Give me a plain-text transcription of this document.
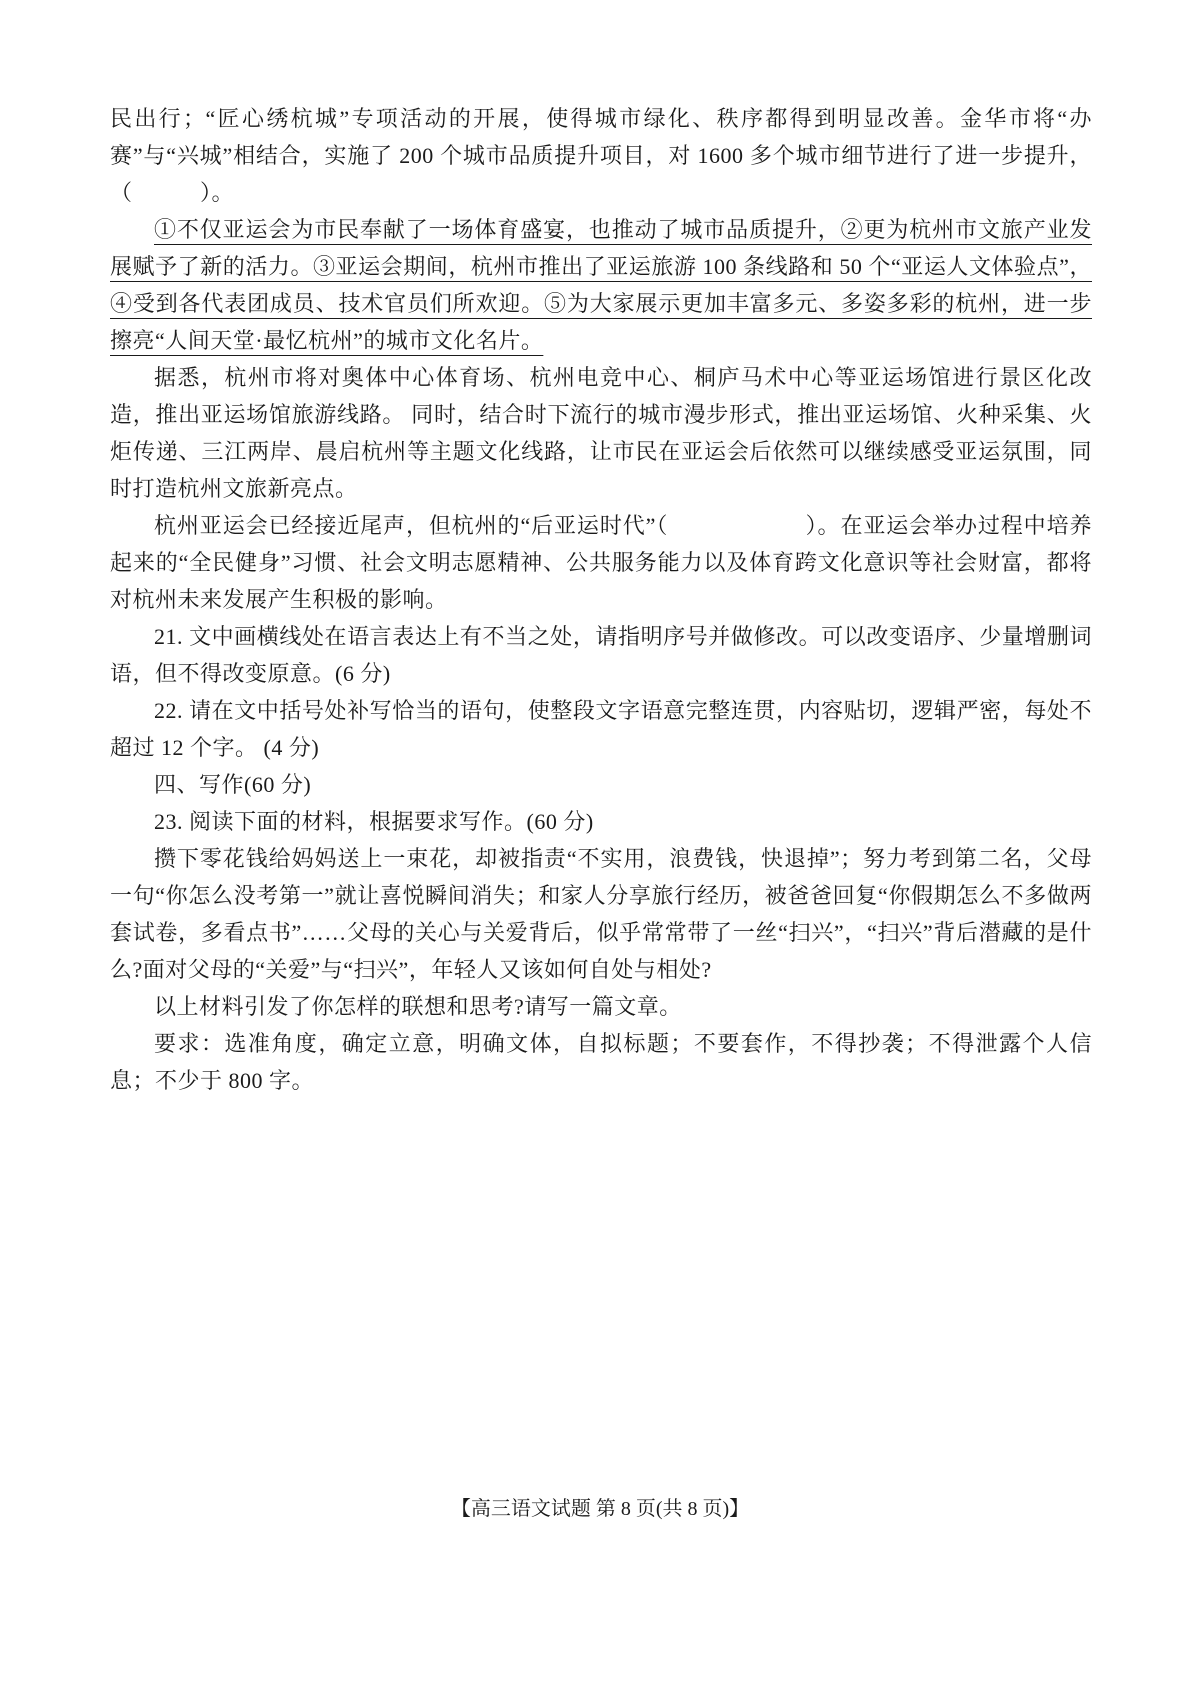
民出行；“匠心绣杭城”专项活动的开展，使得城市绿化、秩序都得到明显改善。金华市将“办赛”与“兴城”相结合，实施了 200 个城市品质提升项目，对 1600 多个城市细节进行了进一步提升，（　　　）。

①不仅亚运会为市民奉献了一场体育盛宴，也推动了城市品质提升，②更为杭州市文旅产业发展赋予了新的活力。③亚运会期间，杭州市推出了亚运旅游 100 条线路和 50 个“亚运人文体验点”，④受到各代表团成员、技术官员们所欢迎。⑤为大家展示更加丰富多元、多姿多彩的杭州，进一步擦亮“人间天堂·最忆杭州”的城市文化名片。

据悉，杭州市将对奥体中心体育场、杭州电竞中心、桐庐马术中心等亚运场馆进行景区化改造，推出亚运场馆旅游线路。 同时，结合时下流行的城市漫步形式，推出亚运场馆、火种采集、火炬传递、三江两岸、晨启杭州等主题文化线路，让市民在亚运会后依然可以继续感受亚运氛围，同时打造杭州文旅新亮点。

杭州亚运会已经接近尾声，但杭州的“后亚运时代”（　　　　　　）。在亚运会举办过程中培养起来的“全民健身”习惯、社会文明志愿精神、公共服务能力以及体育跨文化意识等社会财富，都将对杭州未来发展产生积极的影响。

21. 文中画横线处在语言表达上有不当之处，请指明序号并做修改。可以改变语序、少量增删词语，但不得改变原意。(6 分)

22. 请在文中括号处补写恰当的语句，使整段文字语意完整连贯，内容贴切，逻辑严密，每处不超过 12 个字。 (4 分)

四、写作(60 分)

23. 阅读下面的材料，根据要求写作。(60 分)

攒下零花钱给妈妈送上一束花，却被指责“不实用，浪费钱，快退掉”；努力考到第二名，父母一句“你怎么没考第一”就让喜悦瞬间消失；和家人分享旅行经历，被爸爸回复“你假期怎么不多做两套试卷，多看点书”……父母的关心与关爱背后，似乎常常带了一丝“扫兴”，“扫兴”背后潜藏的是什么?面对父母的“关爱”与“扫兴”，年轻人又该如何自处与相处?

以上材料引发了你怎样的联想和思考?请写一篇文章。

要求：选准角度，确定立意，明确文体，自拟标题；不要套作，不得抄袭；不得泄露个人信息；不少于 800 字。

【高三语文试题 第 8 页(共 8 页)】
